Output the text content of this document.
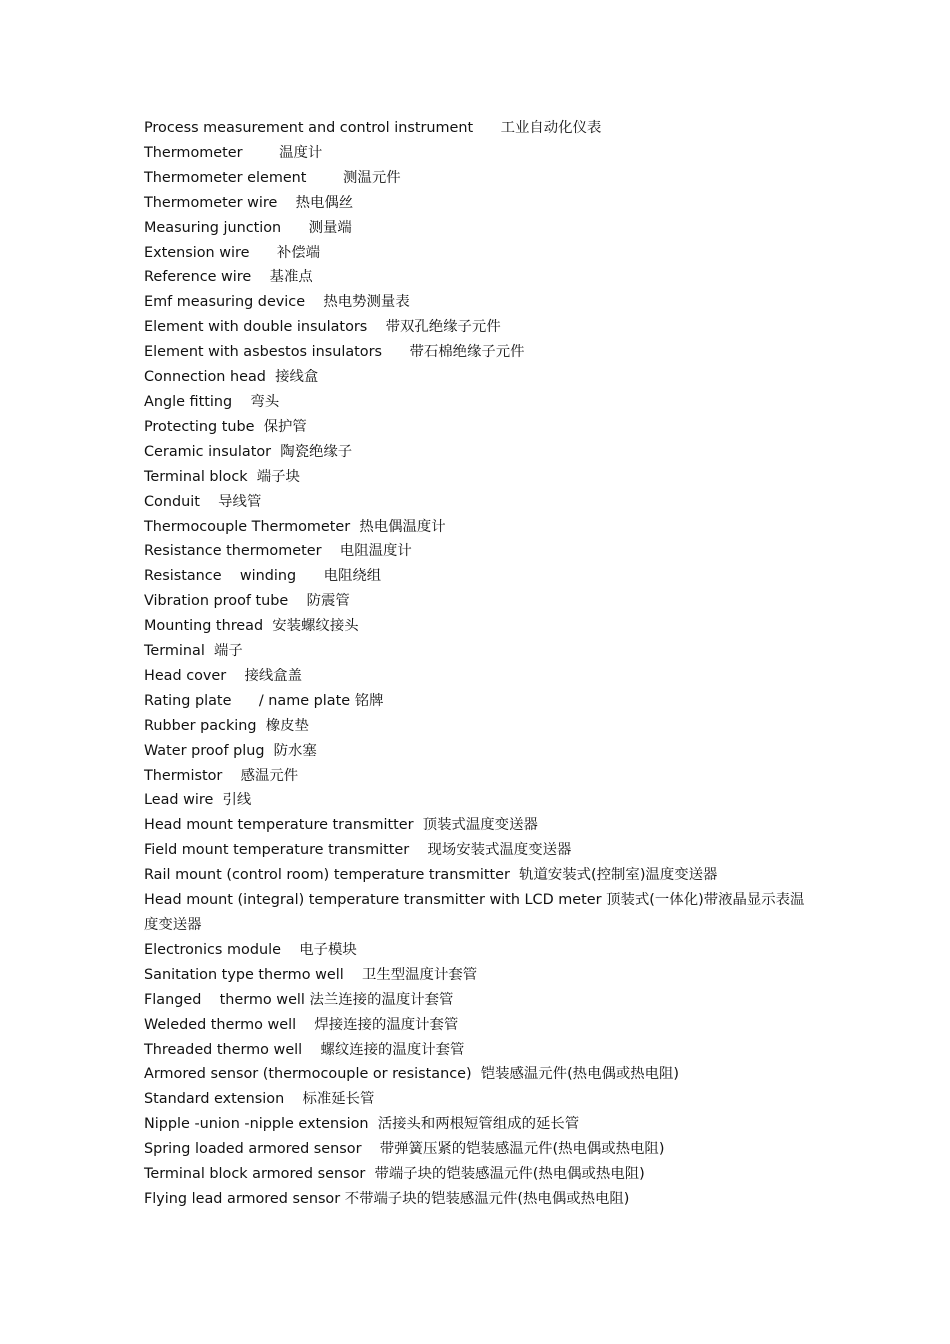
Process measurement and control instrument      工业自动化仪表

Thermometer        温度计

Thermometer element        测温元件

Thermometer wire    热电偶丝

Measuring junction      测量端

Extension wire      补偿端

Reference wire    基准点

Emf measuring device    热电势测量表

Element with double insulators    带双孔绝缘子元件

Element with asbestos insulators      带石棉绝缘子元件

Connection head  接线盒

Angle fitting    弯头

Protecting tube  保护管

Ceramic insulator  陶瓷绝缘子

Terminal block  端子块

Conduit    导线管

Thermocouple Thermometer  热电偶温度计

Resistance thermometer    电阻温度计

Resistance    winding      电阻绕组

Vibration proof tube    防震管

Mounting thread  安装螺纹接头

Terminal  端子

Head cover    接线盒盖

Rating plate      / name plate 铭牌

Rubber packing  橡皮垫

Water proof plug  防水塞

Thermistor    感温元件

Lead wire  引线

Head mount temperature transmitter  顶装式温度变送器

Field mount temperature transmitter    现场安装式温度变送器

Rail mount (control room) temperature transmitter  轨道安装式(控制室)温度变送器

Head mount (integral) temperature transmitter with LCD meter 顶装式(一体化)带液晶显示表温度变送器

Electronics module    电子模块

Sanitation type thermo well    卫生型温度计套管

Flanged    thermo well 法兰连接的温度计套管

Weleded thermo well    焊接连接的温度计套管

Threaded thermo well    螺纹连接的温度计套管

Armored sensor (thermocouple or resistance)  铠装感温元件(热电偶或热电阻)

Standard extension    标准延长管

Nipple -union -nipple extension  活接头和两根短管组成的延长管

Spring loaded armored sensor    带弹簧压紧的铠装感温元件(热电偶或热电阻)

Terminal block armored sensor  带端子块的铠装感温元件(热电偶或热电阻)

Flying lead armored sensor 不带端子块的铠装感温元件(热电偶或热电阻)
